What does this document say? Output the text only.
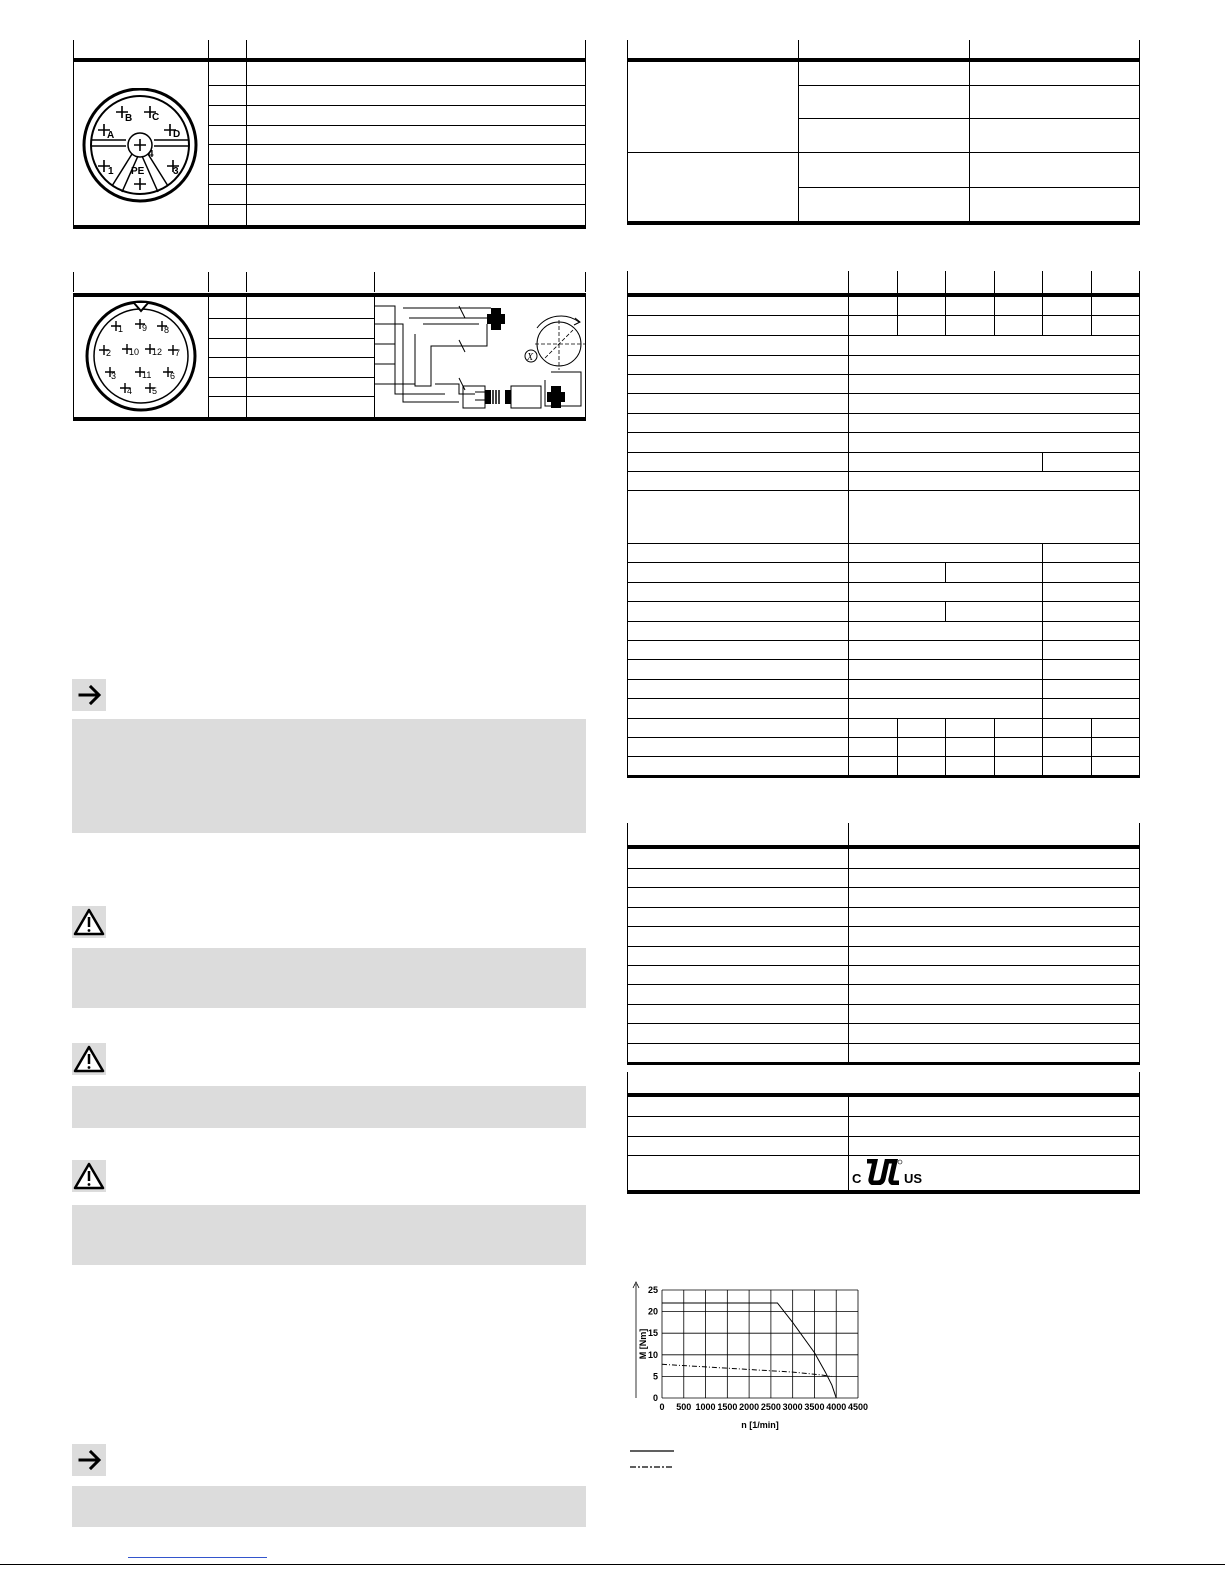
B C
A	D
4
1 PE	3
1 9 8
2 10 12 7
3	11 6
4 5
X
C	US
0 500 1000 1500 2000 2500 3000 3500 4000 4500
0
5
10
15
20
25
n [1/min]
M [Nm]
